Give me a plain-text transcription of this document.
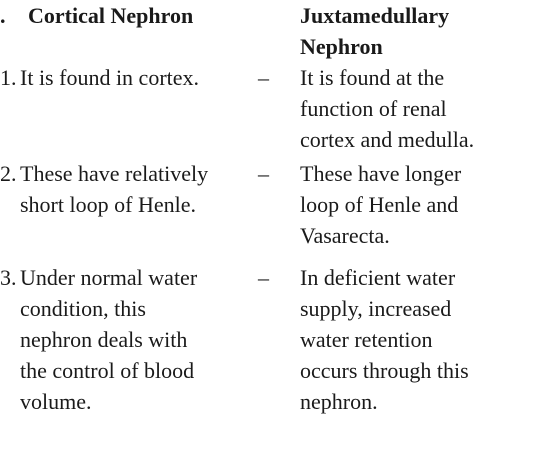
. Cortical Nephron	Juxtamedullary
Nephron
1. It is found in cortex.	– It is found at the
function of renal
cortex and medulla.
2. These have relatively
short loop of Henle.
– These have longer
loop of Henle and
Vasarecta.
3. Under normal water
condition, this
nephron deals with
the control of blood
volume.
– In deficient water
supply, increased
water retention
occurs through this
nephron.
